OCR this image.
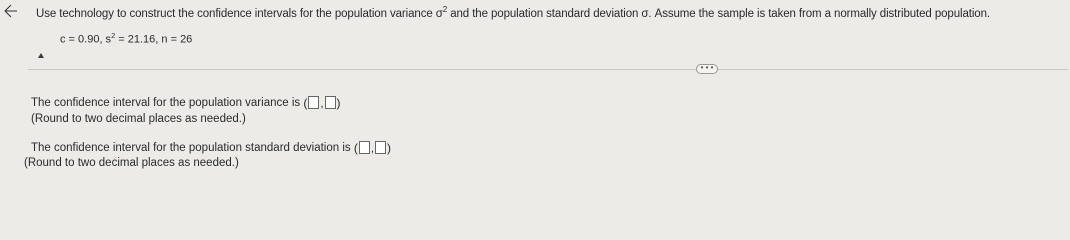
Use technology to construct the confidence intervals for the population variance $\sigma^2$ and the population standard deviation σ. Assume the sample is taken from a normally distributed population.
c = 0.90, $s^2 = 21.16$, n = 26
• • •
The confidence interval for the population variance is ( , )
(Round to two decimal places as needed.)
The confidence interval for the population standard deviation is ( , )
(Round to two decimal places as needed.)
